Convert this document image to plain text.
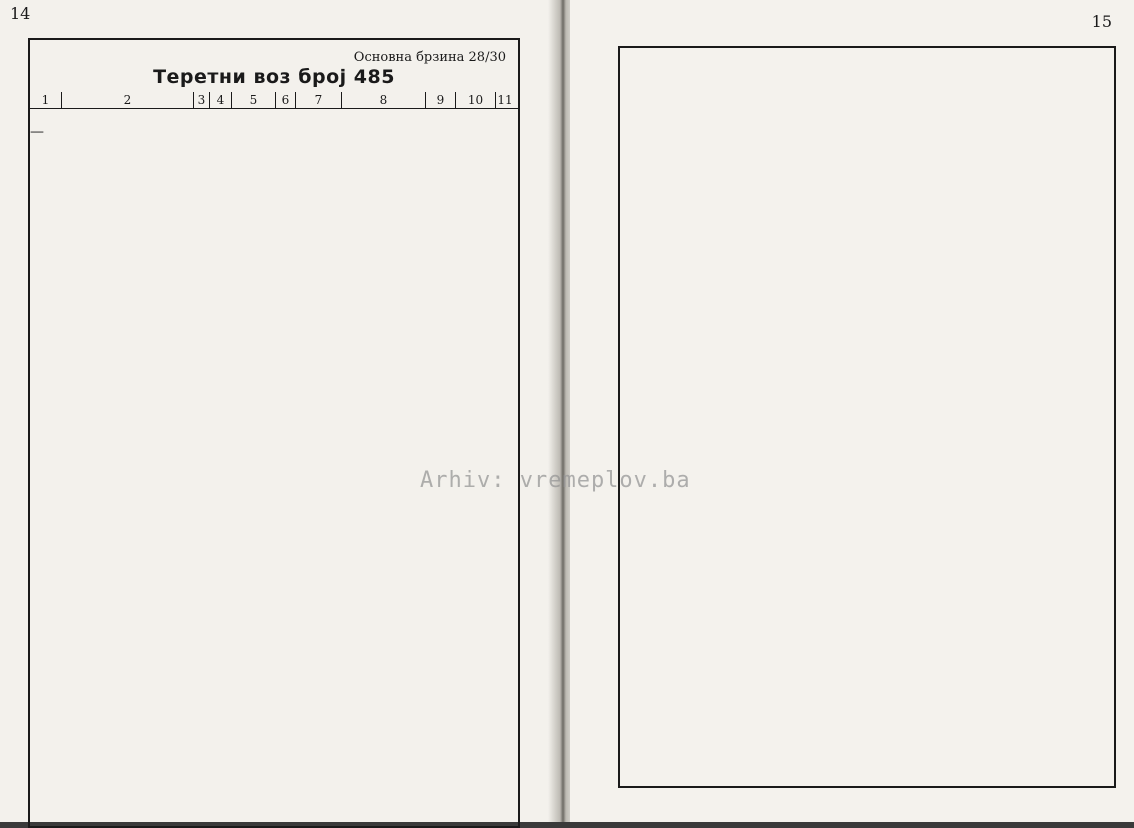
14
Основна брзина 28/30
Теретни воз број 485
1	2	3 4	5	6	7	8	9	10	11
—
15
Arhiv: vremeplov.ba
